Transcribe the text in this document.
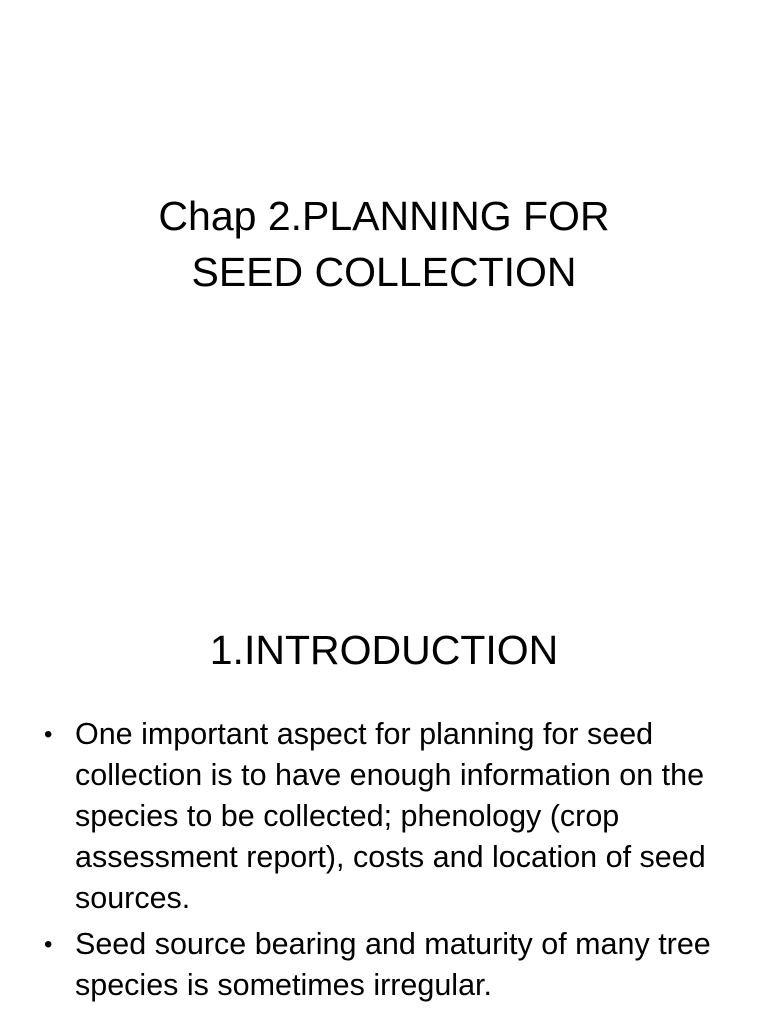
Chap 2.PLANNING FOR
SEED COLLECTION
1.INTRODUCTION
• One important aspect for planning for seed collection is to have enough information on the species to be collected; phenology (crop assessment report), costs and location of seed sources.
• Seed source bearing and maturity of many tree species is sometimes irregular.
